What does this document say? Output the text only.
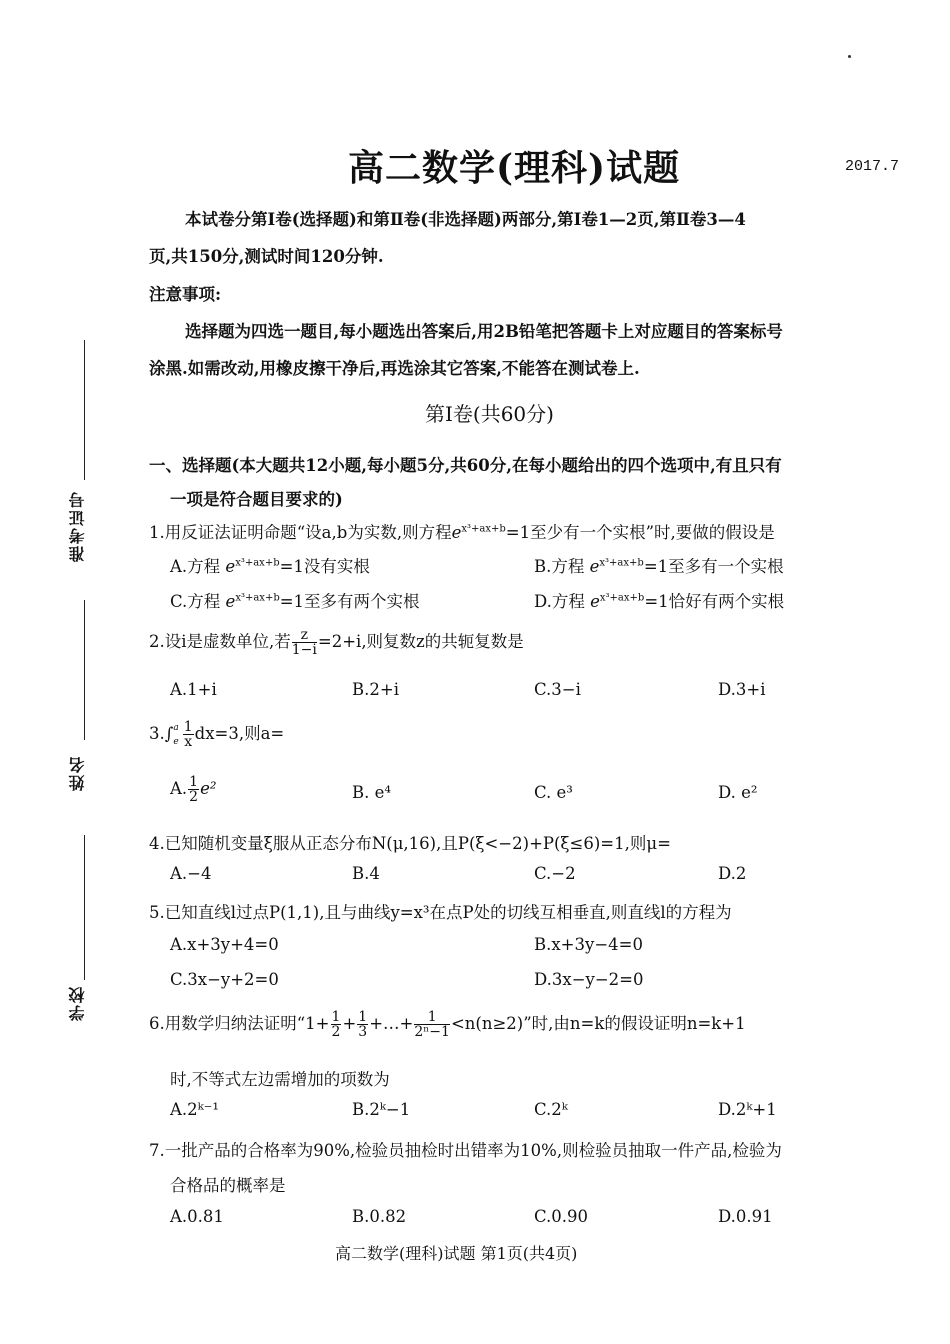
高二数学(理科)试题	2017.7
本试卷分第Ⅰ卷(选择题)和第Ⅱ卷(非选择题)两部分,第Ⅰ卷1—2页,第Ⅱ卷3—4
页,共150分,测试时间120分钟.
注意事项:
选择题为四选一题目,每小题选出答案后,用2B铅笔把答题卡上对应题目的答案标号
涂黑.如需改动,用橡皮擦干净后,再选涂其它答案,不能答在测试卷上.
第Ⅰ卷(共60分)
一、选择题(本大题共12小题,每小题5分,共60分,在每小题给出的四个选项中,有且只有
一项是符合题目要求的)
准考证号
姓名
学校
1.用反证法证明命题“设a,b为实数,则方程$e^{x^3+ax+b}=1$至少有一个实根”时,要做的假设是
A.方程 $e^{x^3+ax+b}=1$没有实根	B.方程 $e^{x^3+ax+b}=1$至多有一个实根
C.方程 $e^{x^3+ax+b}=1$至多有两个实根	D.方程 $e^{x^3+ax+b}=1$恰好有两个实根
2.设i是虚数单位,若 $\frac{z}{1-i} =2+i$,则复数z的共轭复数是
A.1+i	B.2+i	C.3−i	D.3+i
3.∫ a
e $\frac{1}{x} dx=3$,则a=
A. $\frac{1}{2} e^2$	B. e⁴	C. e³	D. e²
4.已知随机变量ξ服从正态分布N(μ,16),且P(ξ<−2)+P(ξ≤6)=1,则μ=
A.−4	B.4	C.−2	D.2
5.已知直线l过点P(1,1),且与曲线y=x³在点P处的切线互相垂直,则直线l的方程为
A.x+3y+4=0	B.x+3y−4=0
C.3x−y+2=0	D.3x−y−2=0
6.用数学归纳法证明“$1+ \frac{1}{2} + \frac{1}{3}$ +…+ $\frac{1}{\text{2ⁿ−1}} <n(n\ge 2)$”时,由n=k的假设证明n=k+1
时,不等式左边需增加的项数为
A.2ᵏ⁻¹	B.2ᵏ−1	C.2ᵏ	D.2ᵏ+1
7.一批产品的合格率为90%,检验员抽检时出错率为10%,则检验员抽取一件产品,检验为
合格品的概率是
A.0.81	B.0.82	C.0.90	D.0.91
高二数学(理科)试题 第1页(共4页)
